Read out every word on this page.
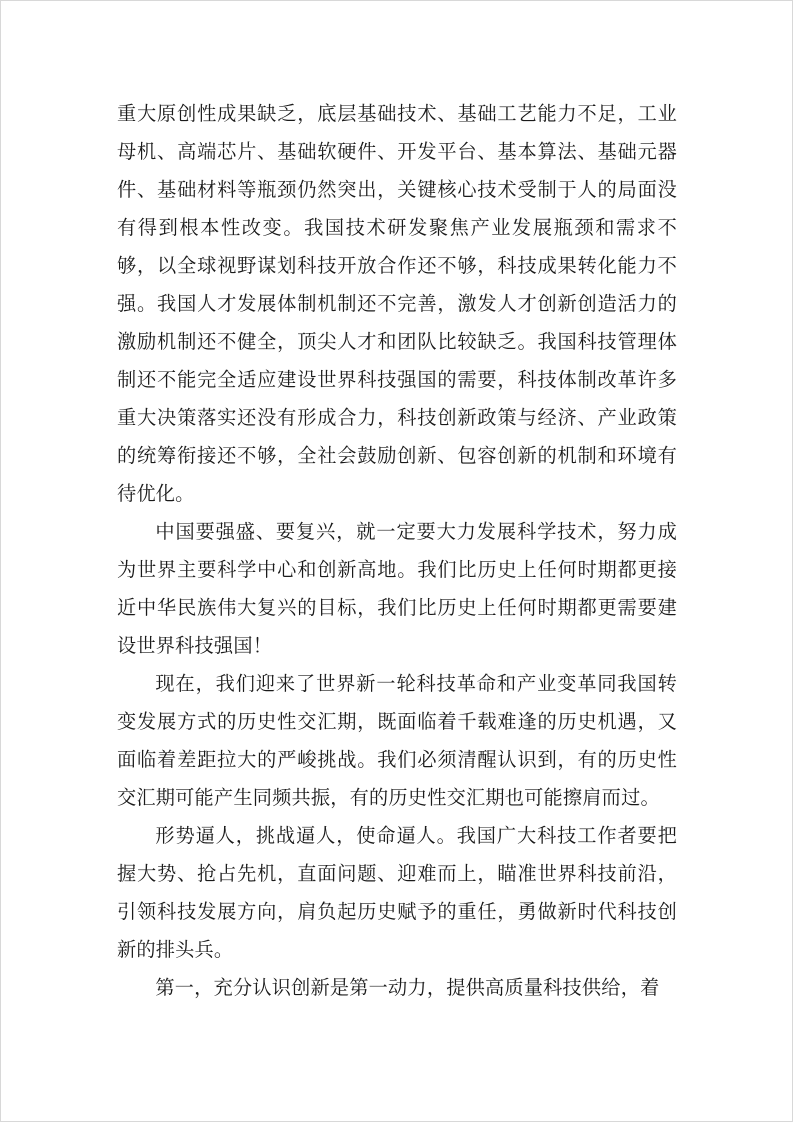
重大原创性成果缺乏，底层基础技术、基础工艺能力不足，工业母机、高端芯片、基础软硬件、开发平台、基本算法、基础元器件、基础材料等瓶颈仍然突出，关键核心技术受制于人的局面没有得到根本性改变。我国技术研发聚焦产业发展瓶颈和需求不够，以全球视野谋划科技开放合作还不够，科技成果转化能力不强。我国人才发展体制机制还不完善，激发人才创新创造活力的激励机制还不健全，顶尖人才和团队比较缺乏。我国科技管理体制还不能完全适应建设世界科技强国的需要，科技体制改革许多重大决策落实还没有形成合力，科技创新政策与经济、产业政策的统筹衔接还不够，全社会鼓励创新、包容创新的机制和环境有待优化。

中国要强盛、要复兴，就一定要大力发展科学技术，努力成为世界主要科学中心和创新高地。我们比历史上任何时期都更接近中华民族伟大复兴的目标，我们比历史上任何时期都更需要建设世界科技强国！

现在，我们迎来了世界新一轮科技革命和产业变革同我国转变发展方式的历史性交汇期，既面临着千载难逢的历史机遇，又面临着差距拉大的严峻挑战。我们必须清醒认识到，有的历史性交汇期可能产生同频共振，有的历史性交汇期也可能擦肩而过。

形势逼人，挑战逼人，使命逼人。我国广大科技工作者要把握大势、抢占先机，直面问题、迎难而上，瞄准世界科技前沿，引领科技发展方向，肩负起历史赋予的重任，勇做新时代科技创新的排头兵。

第一，充分认识创新是第一动力，提供高质量科技供给，着
